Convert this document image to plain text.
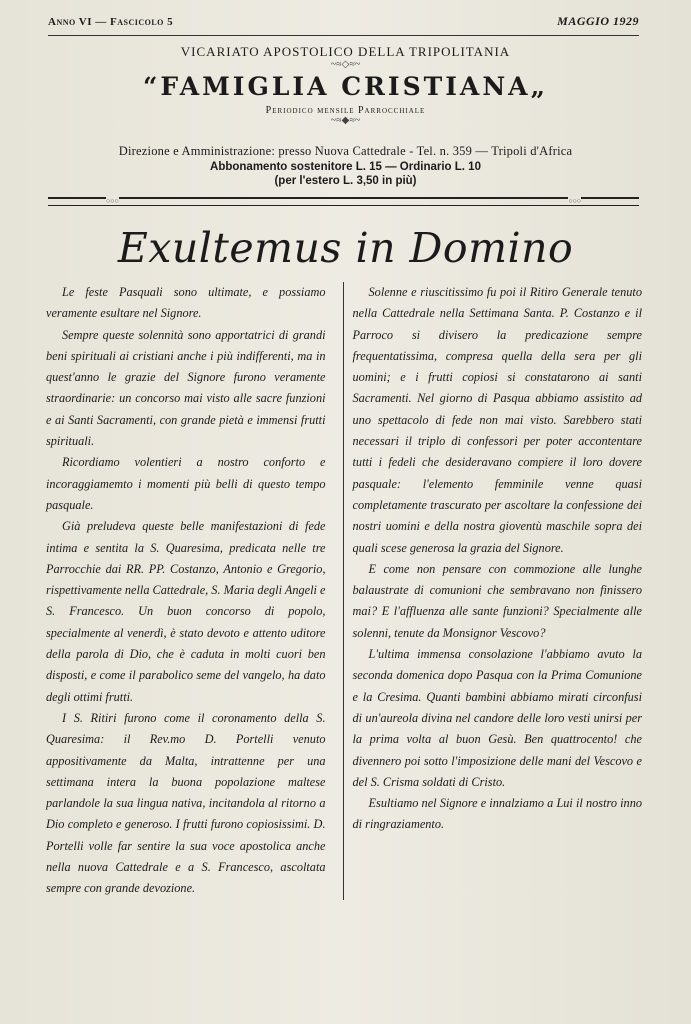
Anno VI — Fascicolo 5	MAGGIO 1929
VICARIATO APOSTOLICO DELLA TRIPOLITANIA
~≈◇≈~
“FAMIGLIA CRISTIANA„
Periodico mensile Parrocchiale
~≈◆≈~
Direzione e Amministrazione: presso Nuova Cattedrale - Tel. n. 359 — Tripoli d'Africa
Abbonamento sostenitore L. 15 — Ordinario L. 10
(per l'estero L. 3,50 in più)
○○○	○○○
Exultemus in Domino

Le feste Pasquali sono ultimate, e possiamo veramente esultare nel Signore.

Sempre queste solennità sono apportatrici di grandi beni spirituali ai cristiani anche i più indifferenti, ma in quest'anno le grazie del Signore furono veramente straordinarie: un concorso mai visto alle sacre funzioni e ai Santi Sacramenti, con grande pietà e immensi frutti spirituali.

Ricordiamo volentieri a nostro conforto e incoraggiamemto i momenti più belli di questo tempo pasquale.

Già preludeva queste belle manifestazioni di fede intima e sentita la S. Quaresima, predicata nelle tre Parrocchie dai RR. PP. Costanzo, Antonio e Gregorio, rispettivamente nella Cattedrale, S. Maria degli Angeli e S. Francesco. Un buon concorso di popolo, specialmente al venerdì, è stato devoto e attento uditore della parola di Dio, che è caduta in molti cuori ben disposti, e come il parabolico seme del vangelo, ha dato degli ottimi frutti.

I S. Ritiri furono come il coronamento della S. Quaresima: il Rev.mo D. Portelli venuto appositivamente da Malta, intrattenne per una settimana intera la buona popolazione maltese parlandole la sua lingua nativa, incitandola al ritorno a Dio completo e generoso. I frutti furono copiosissimi. D. Portelli volle far sentire la sua voce apostolica anche nella nuova Cattedrale e a S. Francesco, ascoltata sempre con grande devozione.

Solenne e riuscitissimo fu poi il Ritiro Generale tenuto nella Cattedrale nella Settimana Santa. P. Costanzo e il Parroco si divisero la predicazione sempre frequentatissima, compresa quella della sera per gli uomini; e i frutti copiosi si constatarono ai santi Sacramenti. Nel giorno di Pasqua abbiamo assistito ad uno spettacolo di fede non mai visto. Sarebbero stati necessari il triplo di confessori per poter accontentare tutti i fedeli che desideravano compiere il loro dovere pasquale: l'elemento femminile venne quasi completamente trascurato per ascoltare la confessione dei nostri uomini e della nostra gioventù maschile sopra dei quali scese generosa la grazia del Signore.

E come non pensare con commozione alle lunghe balaustrate di comunioni che sembravano non finissero mai? E l'affluenza alle sante funzioni? Specialmente alle solenni, tenute da Monsignor Vescovo?

L'ultima immensa consolazione l'abbiamo avuto la seconda domenica dopo Pasqua con la Prima Comunione e la Cresima. Quanti bambini abbiamo mirati circonfusi di un'aureola divina nel candore delle loro vesti unirsi per la prima volta al buon Gesù. Ben quattrocento! che divennero poi sotto l'imposizione delle mani del Vescovo e del S. Crisma soldati di Cristo.

Esultiamo nel Signore e innalziamo a Lui il nostro inno di ringraziamento.
